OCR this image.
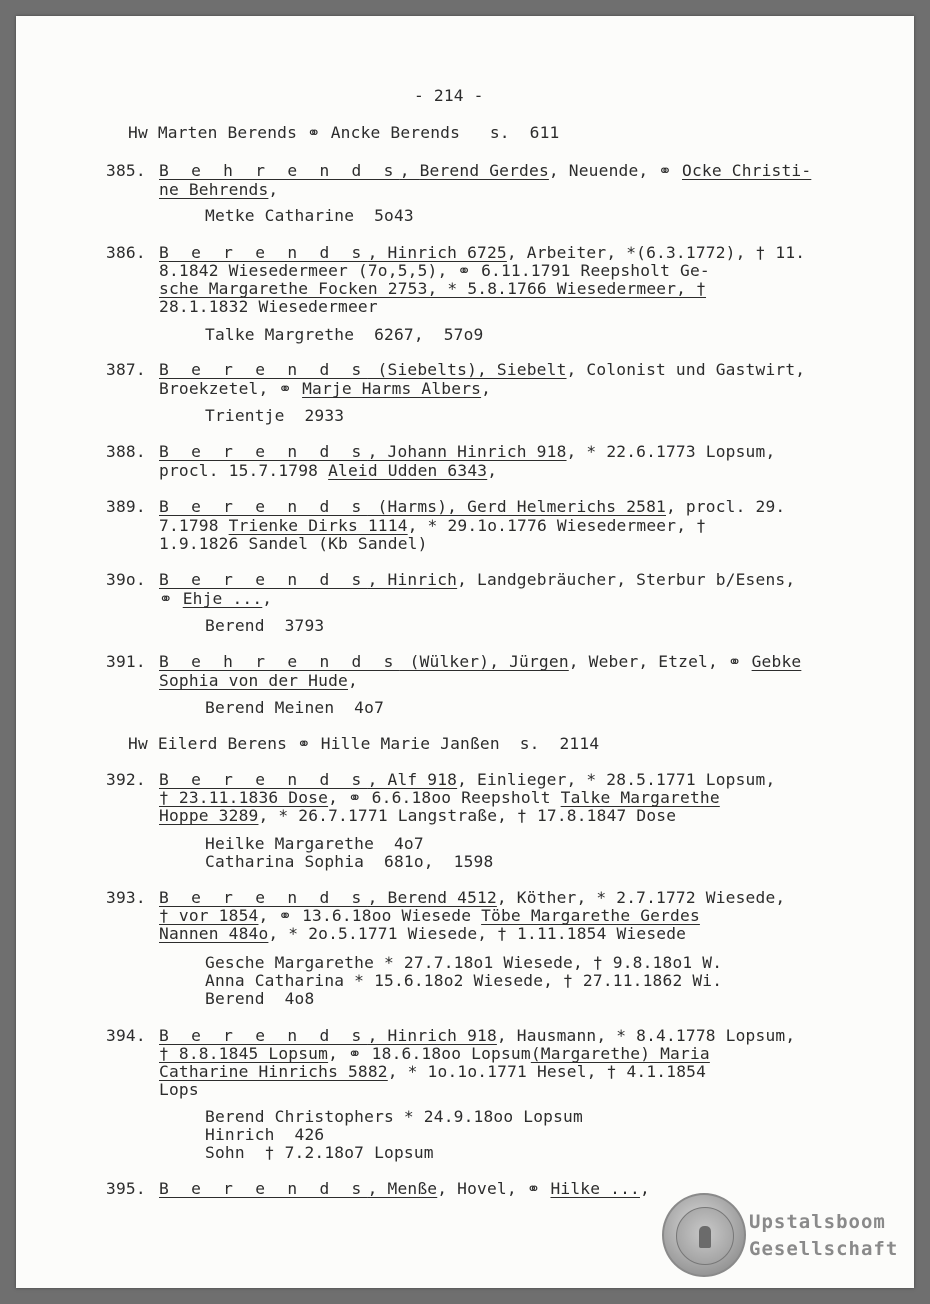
- 214 -
Hw Marten Berends ⚭ Ancke Berends   s.  611
385. B e h r e n d s, Berend Gerdes, Neuende, ⚭ Ocke Christi-
ne Behrends,
Metke Catharine  5o43
386. B e r e n d s, Hinrich 6725, Arbeiter, *(6.3.1772), † 11.
8.1842 Wiesedermeer (7o,5,5), ⚭ 6.11.1791 Reepsholt Ge-
sche Margarethe Focken 2753, * 5.8.1766 Wiesedermeer, †
28.1.1832 Wiesedermeer
Talke Margrethe  6267,  57o9
387. B e r e n d s (Siebelts), Siebelt, Colonist und Gastwirt,
Broekzetel, ⚭ Marje Harms Albers,
Trientje  2933
388. B e r e n d s, Johann Hinrich 918, * 22.6.1773 Lopsum,
procl. 15.7.1798 Aleid Udden 6343,
389. B e r e n d s (Harms), Gerd Helmerichs 2581, procl. 29.
7.1798 Trienke Dirks 1114, * 29.1o.1776 Wiesedermeer, †
1.9.1826 Sandel (Kb Sandel)
39o. B e r e n d s, Hinrich, Landgebräucher, Sterbur b/Esens,
⚭ Ehje ...,
Berend  3793
391. B e h r e n d s (Wülker), Jürgen, Weber, Etzel, ⚭ Gebke
Sophia von der Hude,
Berend Meinen  4o7
Hw Eilerd Berens ⚭ Hille Marie Janßen  s.  2114
392. B e r e n d s, Alf 918, Einlieger, * 28.5.1771 Lopsum,
† 23.11.1836 Dose, ⚭ 6.6.18oo Reepsholt Talke Margarethe
Hoppe 3289, * 26.7.1771 Langstraße, † 17.8.1847 Dose
Heilke Margarethe  4o7
Catharina Sophia  681o,  1598
393. B e r e n d s, Berend 4512, Köther, * 2.7.1772 Wiesede,
† vor 1854, ⚭ 13.6.18oo Wiesede Töbe Margarethe Gerdes
Nannen 484o, * 2o.5.1771 Wiesede, † 1.11.1854 Wiesede
Gesche Margarethe * 27.7.18o1 Wiesede, † 9.8.18o1 W.
Anna Catharina * 15.6.18o2 Wiesede, † 27.11.1862 Wi.
Berend  4o8
394. B e r e n d s, Hinrich 918, Hausmann, * 8.4.1778 Lopsum,
† 8.8.1845 Lopsum, ⚭ 18.6.18oo Lopsum(Margarethe) Maria
Catharine Hinrichs 5882, * 1o.1o.1771 Hesel, † 4.1.1854
Lops
Berend Christophers * 24.9.18oo Lopsum
Hinrich  426
Sohn  † 7.2.18o7 Lopsum
395. B e r e n d s, Menße, Hovel, ⚭ Hilke ...,
Upstalsboom
Gesellschaft
